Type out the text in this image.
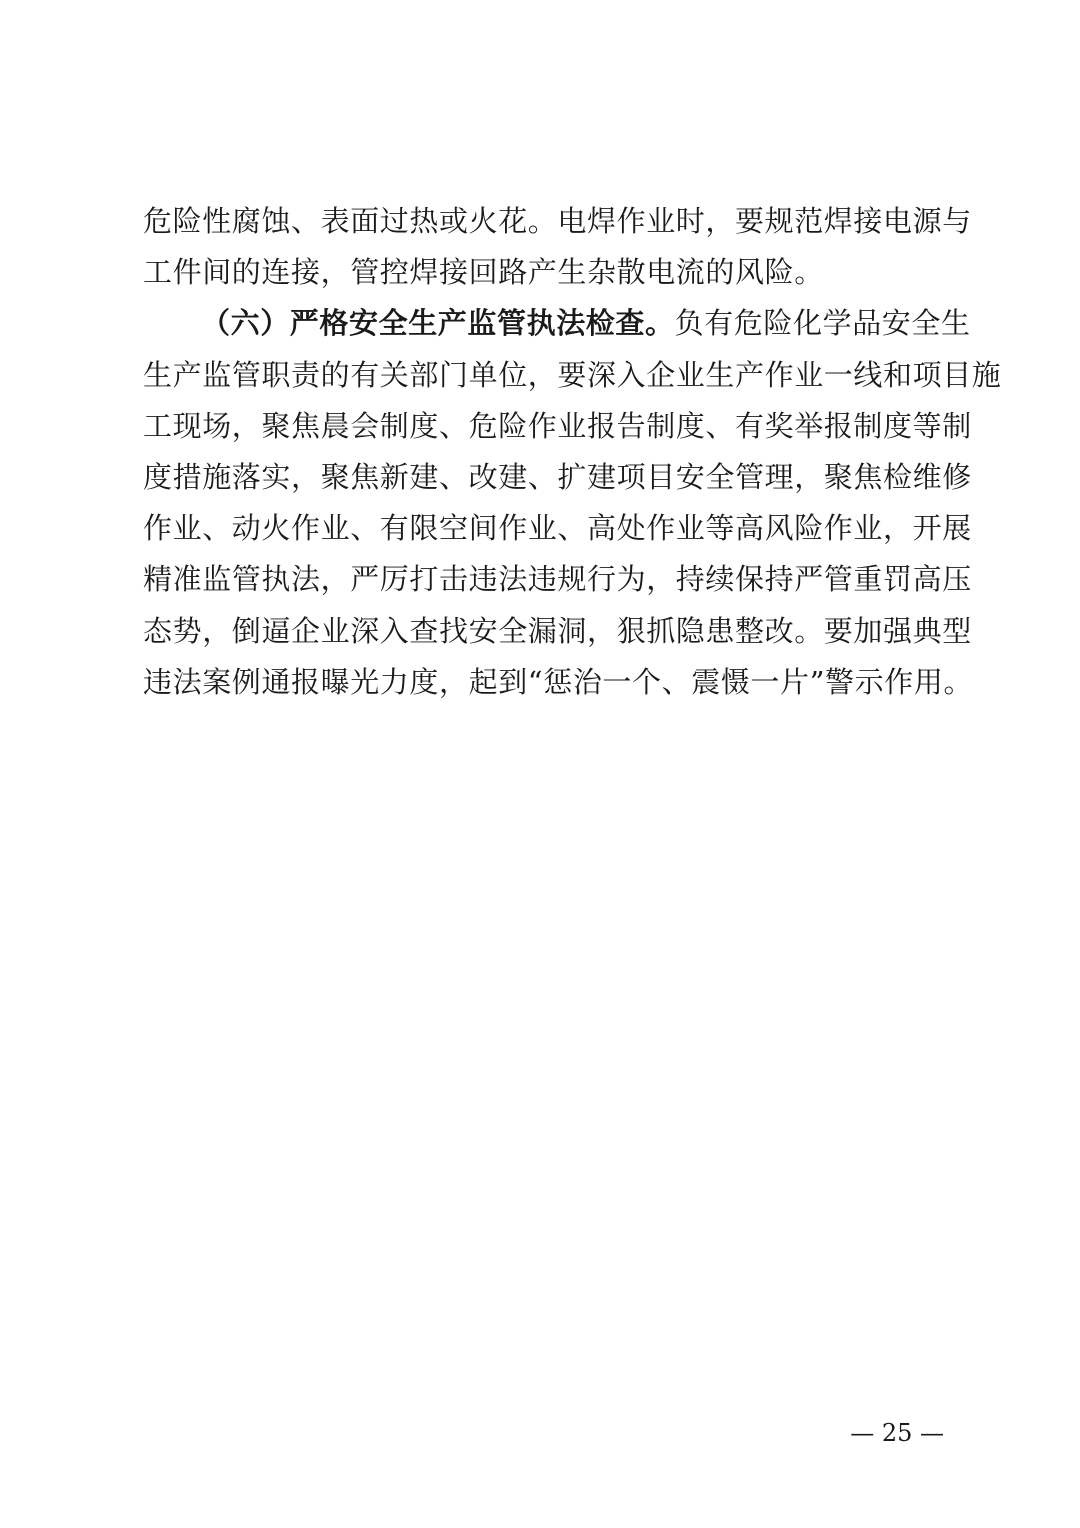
危险性腐蚀、表面过热或火花。电焊作业时，要规范焊接电源与
工件间的连接，管控焊接回路产生杂散电流的风险。
（六）严格安全生产监管执法检查。负有危险化学品安全生
生产监管职责的有关部门单位，要深入企业生产作业一线和项目施
工现场，聚焦晨会制度、危险作业报告制度、有奖举报制度等制
度措施落实，聚焦新建、改建、扩建项目安全管理，聚焦检维修
作业、动火作业、有限空间作业、高处作业等高风险作业，开展
精准监管执法，严厉打击违法违规行为，持续保持严管重罚高压
态势，倒逼企业深入查找安全漏洞，狠抓隐患整改。要加强典型
违法案例通报曝光力度，起到“惩治一个、震慑一片”警示作用。
— 25 —
